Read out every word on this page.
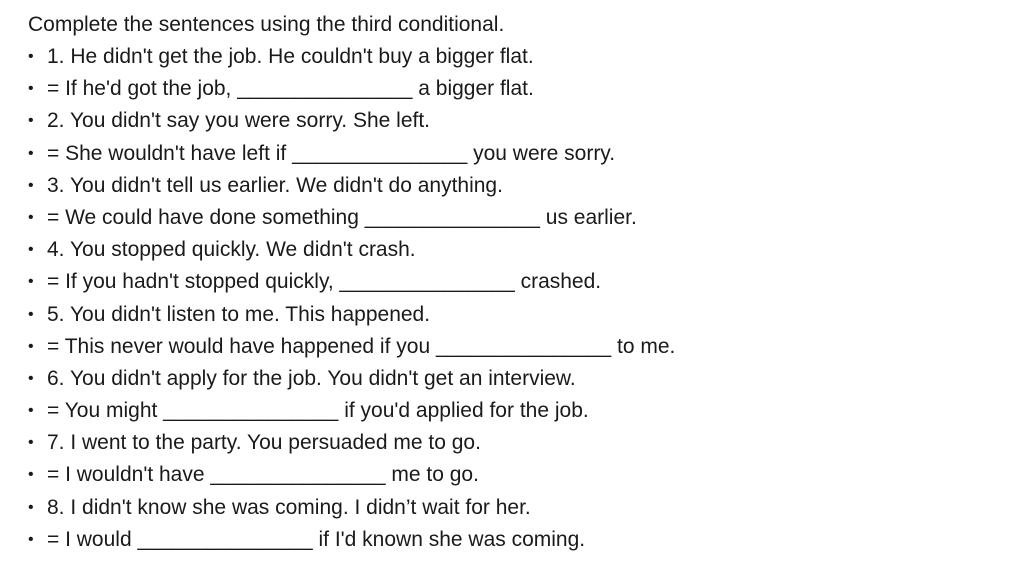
Complete the sentences using the third conditional.
• 1. He didn't get the job. He couldn't buy a bigger flat.
• = If he'd got the job, _______________ a bigger flat.
• 2. You didn't say you were sorry. She left.
• = She wouldn't have left if _______________ you were sorry.
• 3. You didn't tell us earlier. We didn't do anything.
• = We could have done something _______________ us earlier.
• 4. You stopped quickly. We didn't crash.
• = If you hadn't stopped quickly, _______________ crashed.
• 5. You didn't listen to me. This happened.
• = This never would have happened if you _______________ to me.
• 6. You didn't apply for the job. You didn't get an interview.
• = You might _______________ if you'd applied for the job.
• 7. I went to the party. You persuaded me to go.
• = I wouldn't have _______________ me to go.
• 8. I didn't know she was coming. I didn’t wait for her.
• = I would _______________ if I'd known she was coming.
